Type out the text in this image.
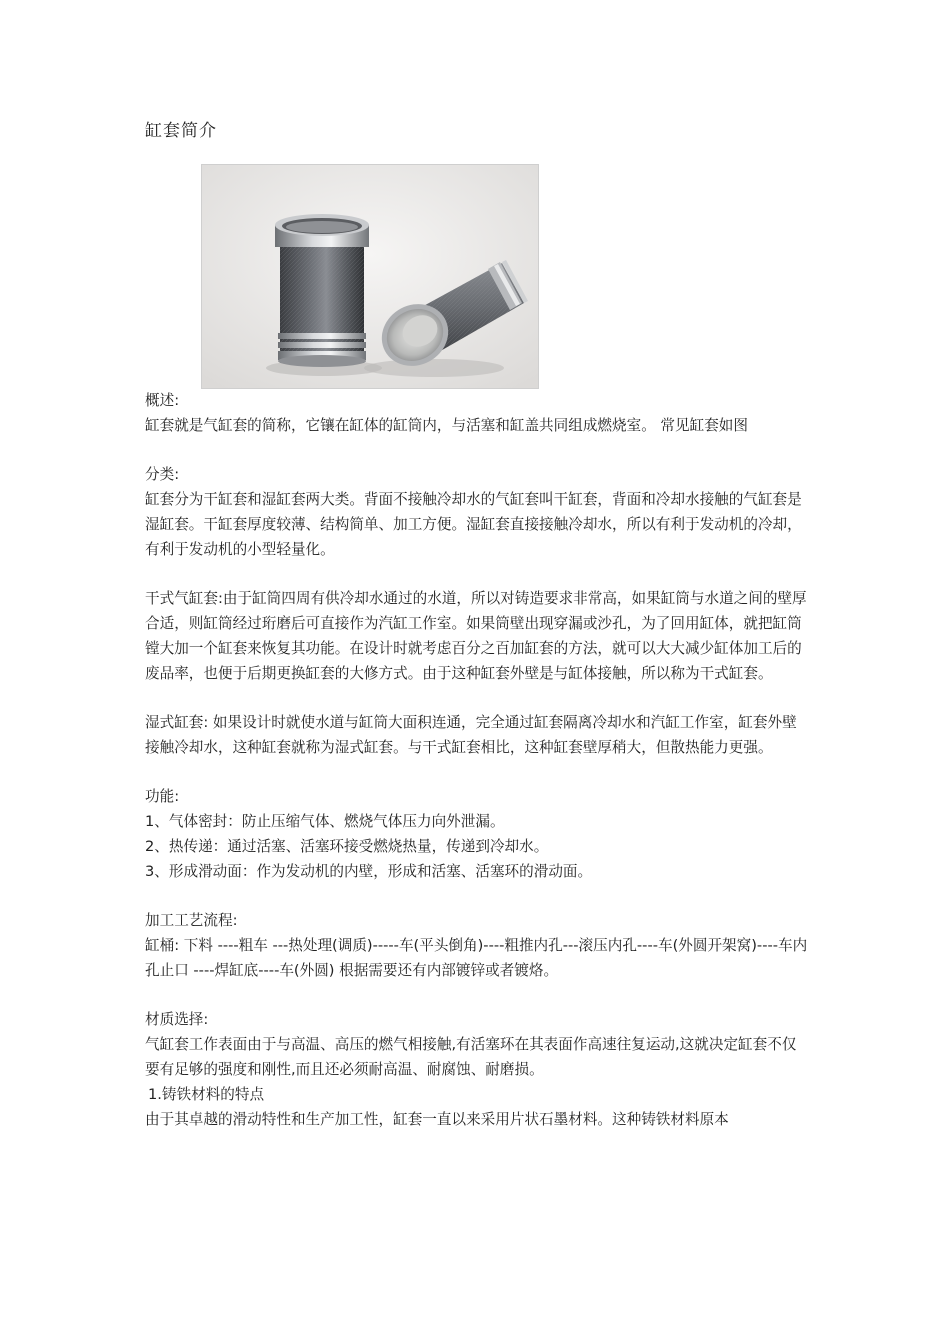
缸套简介

概述:

缸套就是气缸套的简称，它镶在缸体的缸筒内，与活塞和缸盖共同组成燃烧室。 常见缸套如图

分类:

缸套分为干缸套和湿缸套两大类。背面不接触冷却水的气缸套叫干缸套，背面和冷却水接触的气缸套是湿缸套。干缸套厚度较薄、结构简单、加工方便。湿缸套直接接触冷却水，所以有利于发动机的冷却，有利于发动机的小型轻量化。

干式气缸套:由于缸筒四周有供冷却水通过的水道，所以对铸造要求非常高，如果缸筒与水道之间的壁厚合适，则缸筒经过珩磨后可直接作为汽缸工作室。如果筒壁出现穿漏或沙孔，为了回用缸体，就把缸筒镗大加一个缸套来恢复其功能。在设计时就考虑百分之百加缸套的方法，就可以大大减少缸体加工后的废品率，也便于后期更换缸套的大修方式。由于这种缸套外壁是与缸体接触，所以称为干式缸套。

湿式缸套: 如果设计时就使水道与缸筒大面积连通，完全通过缸套隔离冷却水和汽缸工作室，缸套外壁接触冷却水，这种缸套就称为湿式缸套。与干式缸套相比，这种缸套壁厚稍大，但散热能力更强。

功能:

1、气体密封：防止压缩气体、燃烧气体压力向外泄漏。

2、热传递：通过活塞、活塞环接受燃烧热量，传递到冷却水。

3、形成滑动面：作为发动机的内壁，形成和活塞、活塞环的滑动面。

加工工艺流程:

缸桶: 下料 ----粗车 ---热处理(调质)-----车(平头倒角)----粗推内孔---滚压内孔----车(外圆开架窝)----车内孔止口 ----焊缸底----车(外圆) 根据需要还有内部镀锌或者镀烙。

材质选择:

气缸套工作表面由于与高温、高压的燃气相接触,有活塞环在其表面作高速往复运动,这就决定缸套不仅要有足够的强度和刚性,而且还必须耐高温、耐腐蚀、耐磨损。

1.铸铁材料的特点

由于其卓越的滑动特性和生产加工性，缸套一直以来采用片状石墨材料。这种铸铁材料原本
